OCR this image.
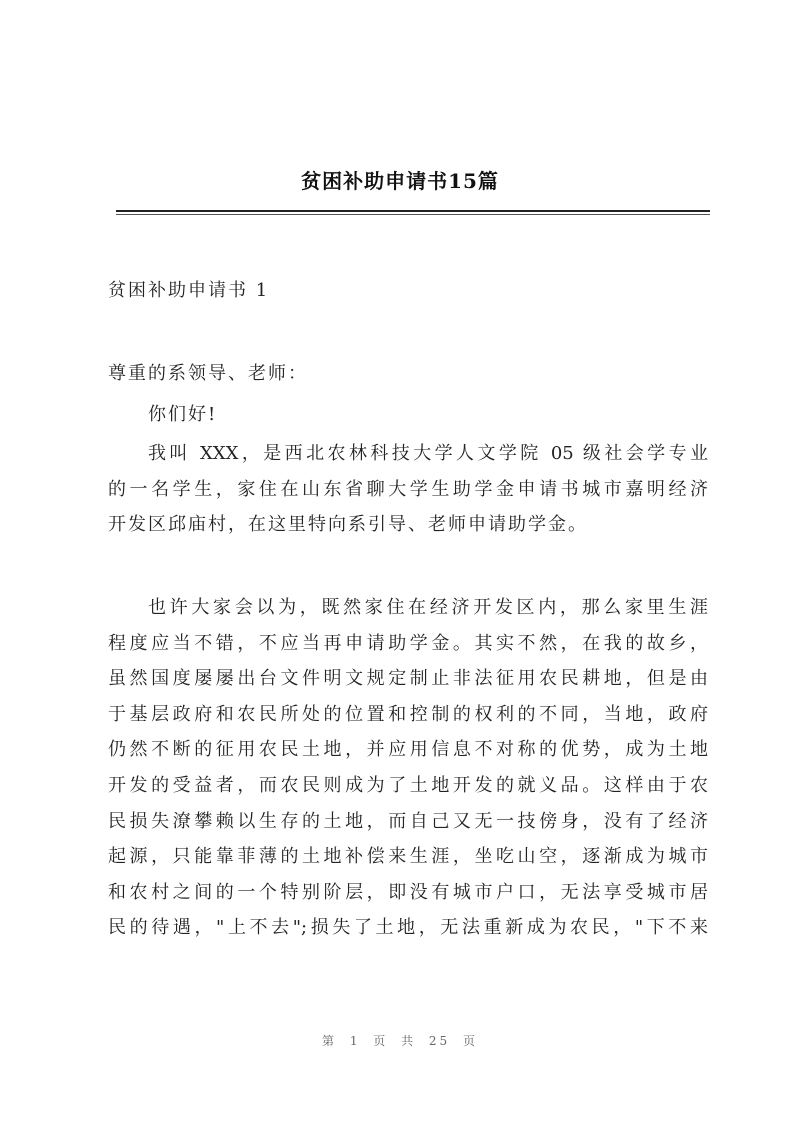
贫困补助申请书15篇
贫困补助申请书 1
尊重的系领导、老师：
你们好!
我叫 XXX，是西北农林科技大学人文学院 05 级社会学专业
的一名学生，家住在山东省聊大学生助学金申请书城市嘉明经济
开发区邱庙村，在这里特向系引导、老师申请助学金。
也许大家会以为，既然家住在经济开发区内，那么家里生涯
程度应当不错，不应当再申请助学金。其实不然，在我的故乡，
虽然国度屡屡出台文件明文规定制止非法征用农民耕地，但是由
于基层政府和农民所处的位置和控制的权利的不同，当地，政府
仍然不断的征用农民土地，并应用信息不对称的优势，成为土地
开发的受益者，而农民则成为了土地开发的就义品。这样由于农
民损失潦攀赖以生存的土地，而自己又无一技傍身，没有了经济
起源，只能靠菲薄的土地补偿来生涯，坐吃山空，逐渐成为城市
和农村之间的一个特别阶层，即没有城市户口，无法享受城市居
民的待遇，"上不去";损失了土地，无法重新成为农民，"下不来
第 1 页 共 25 页
